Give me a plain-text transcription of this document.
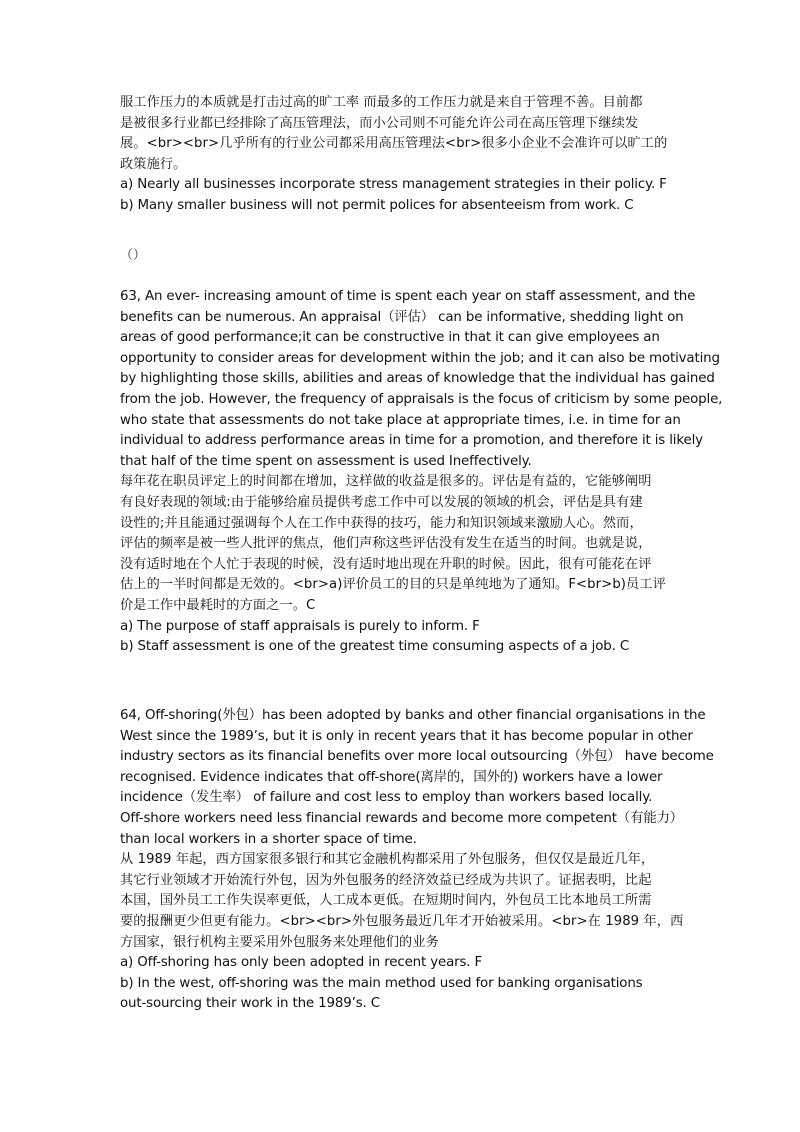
服工作压力的本质就是打击过高的旷工率 而最多的工作压力就是来自于管理不善。目前都
是被很多行业都已经排除了高压管理法，而小公司则不可能允许公司在高压管理下继续发
展。<br><br>几乎所有的行业公司都采用高压管理法<br>很多小企业不会准许可以旷工的
政策施行。
a) Nearly all businesses incorporate stress management strategies in their policy. F
b) Many smaller business will not permit polices for absenteeism from work. C
（）
63, An ever- increasing amount of time is spent each year on staff assessment, and the
benefits can be numerous. An appraisal（评估） can be informative, shedding light on
areas of good performance;it can be constructive in that it can give employees an
opportunity to consider areas for development within the job; and it can also be motivating
by highlighting those skills, abilities and areas of knowledge that the individual has gained
from the job. However, the frequency of appraisals is the focus of criticism by some people,
who state that assessments do not take place at appropriate times, i.e. in time for an
individual to address performance areas in time for a promotion, and therefore it is likely
that half of the time spent on assessment is used Ineffectively.
每年花在职员评定上的时间都在增加，这样做的收益是很多的。评估是有益的，它能够阐明
有良好表现的领域:由于能够给雇员提供考虑工作中可以发展的领域的机会，评估是具有建
设性的;并且能通过强调每个人在工作中获得的技巧，能力和知识领域来激励人心。然而，
评估的频率是被一些人批评的焦点，他们声称这些评估没有发生在适当的时间。也就是说，
没有适时地在个人忙于表现的时候，没有适时地出现在升职的时候。因此，很有可能花在评
估上的一半时间都是无效的。<br>a)评价员工的目的只是单纯地为了通知。F<br>b)员工评
价是工作中最耗时的方面之一。C
a) The purpose of staff appraisals is purely to inform. F
b) Staff assessment is one of the greatest time consuming aspects of a job. C
64, Off-shoring(外包）has been adopted by banks and other financial organisations in the
West since the 1989’s, but it is only in recent years that it has become popular in other
industry sectors as its financial benefits over more local outsourcing（外包） have become
recognised. Evidence indicates that off-shore(离岸的，国外的) workers have a lower
incidence（发生率） of failure and cost less to employ than workers based locally.
Off-shore workers need less financial rewards and become more competent（有能力）
than local workers in a shorter space of time.
从 1989 年起，西方国家很多银行和其它金融机构都采用了外包服务，但仅仅是最近几年，
其它行业领域才开始流行外包，因为外包服务的经济效益已经成为共识了。证据表明，比起
本国，国外员工工作失误率更低，人工成本更低。在短期时间内，外包员工比本地员工所需
要的报酬更少但更有能力。<br><br>外包服务最近几年才开始被采用。<br>在 1989 年，西
方国家，银行机构主要采用外包服务来处理他们的业务
a) Off-shoring has only been adopted in recent years. F
b) In the west, off-shoring was the main method used for banking organisations
out-sourcing their work in the 1989’s. C
